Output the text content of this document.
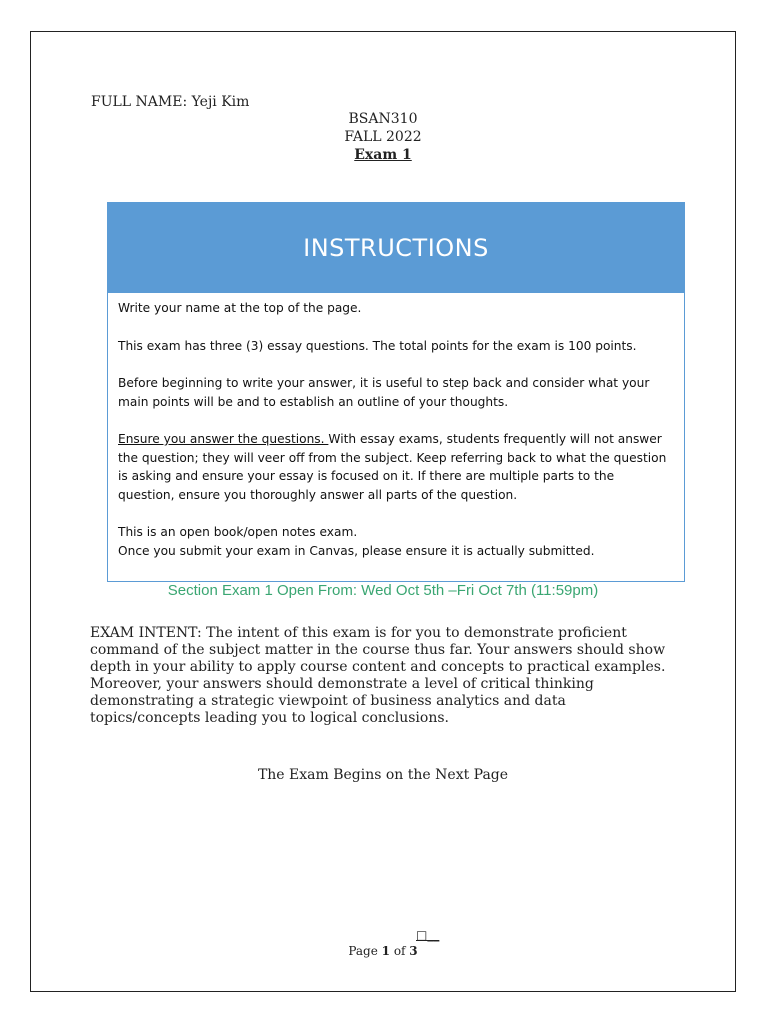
FULL NAME: Yeji Kim
BSAN310
FALL 2022
Exam 1
INSTRUCTIONS

Write your name at the top of the page.

This exam has three (3) essay questions. The total points for the exam is 100 points.

Before beginning to write your answer, it is useful to step back and consider what your main points will be and to establish an outline of your thoughts.

Ensure you answer the questions. With essay exams, students frequently will not answer the question; they will veer off from the subject. Keep referring back to what the question is asking and ensure your essay is focused on it. If there are multiple parts to the question, ensure you thoroughly answer all parts of the question.

This is an open book/open notes exam.

Once you submit your exam in Canvas, please ensure it is actually submitted.

Section Exam 1 Open From: Wed Oct 5th –Fri Oct 7th (11:59pm)
EXAM INTENT: The intent of this exam is for you to demonstrate proficient command of the subject matter in the course thus far. Your answers should show depth in your ability to apply course content and concepts to practical examples. Moreover, your answers should demonstrate a level of critical thinking demonstrating a strategic viewpoint of business analytics and data topics/concepts leading you to logical conclusions.
The Exam Begins on the Next Page
□__
Page 1 of 3
